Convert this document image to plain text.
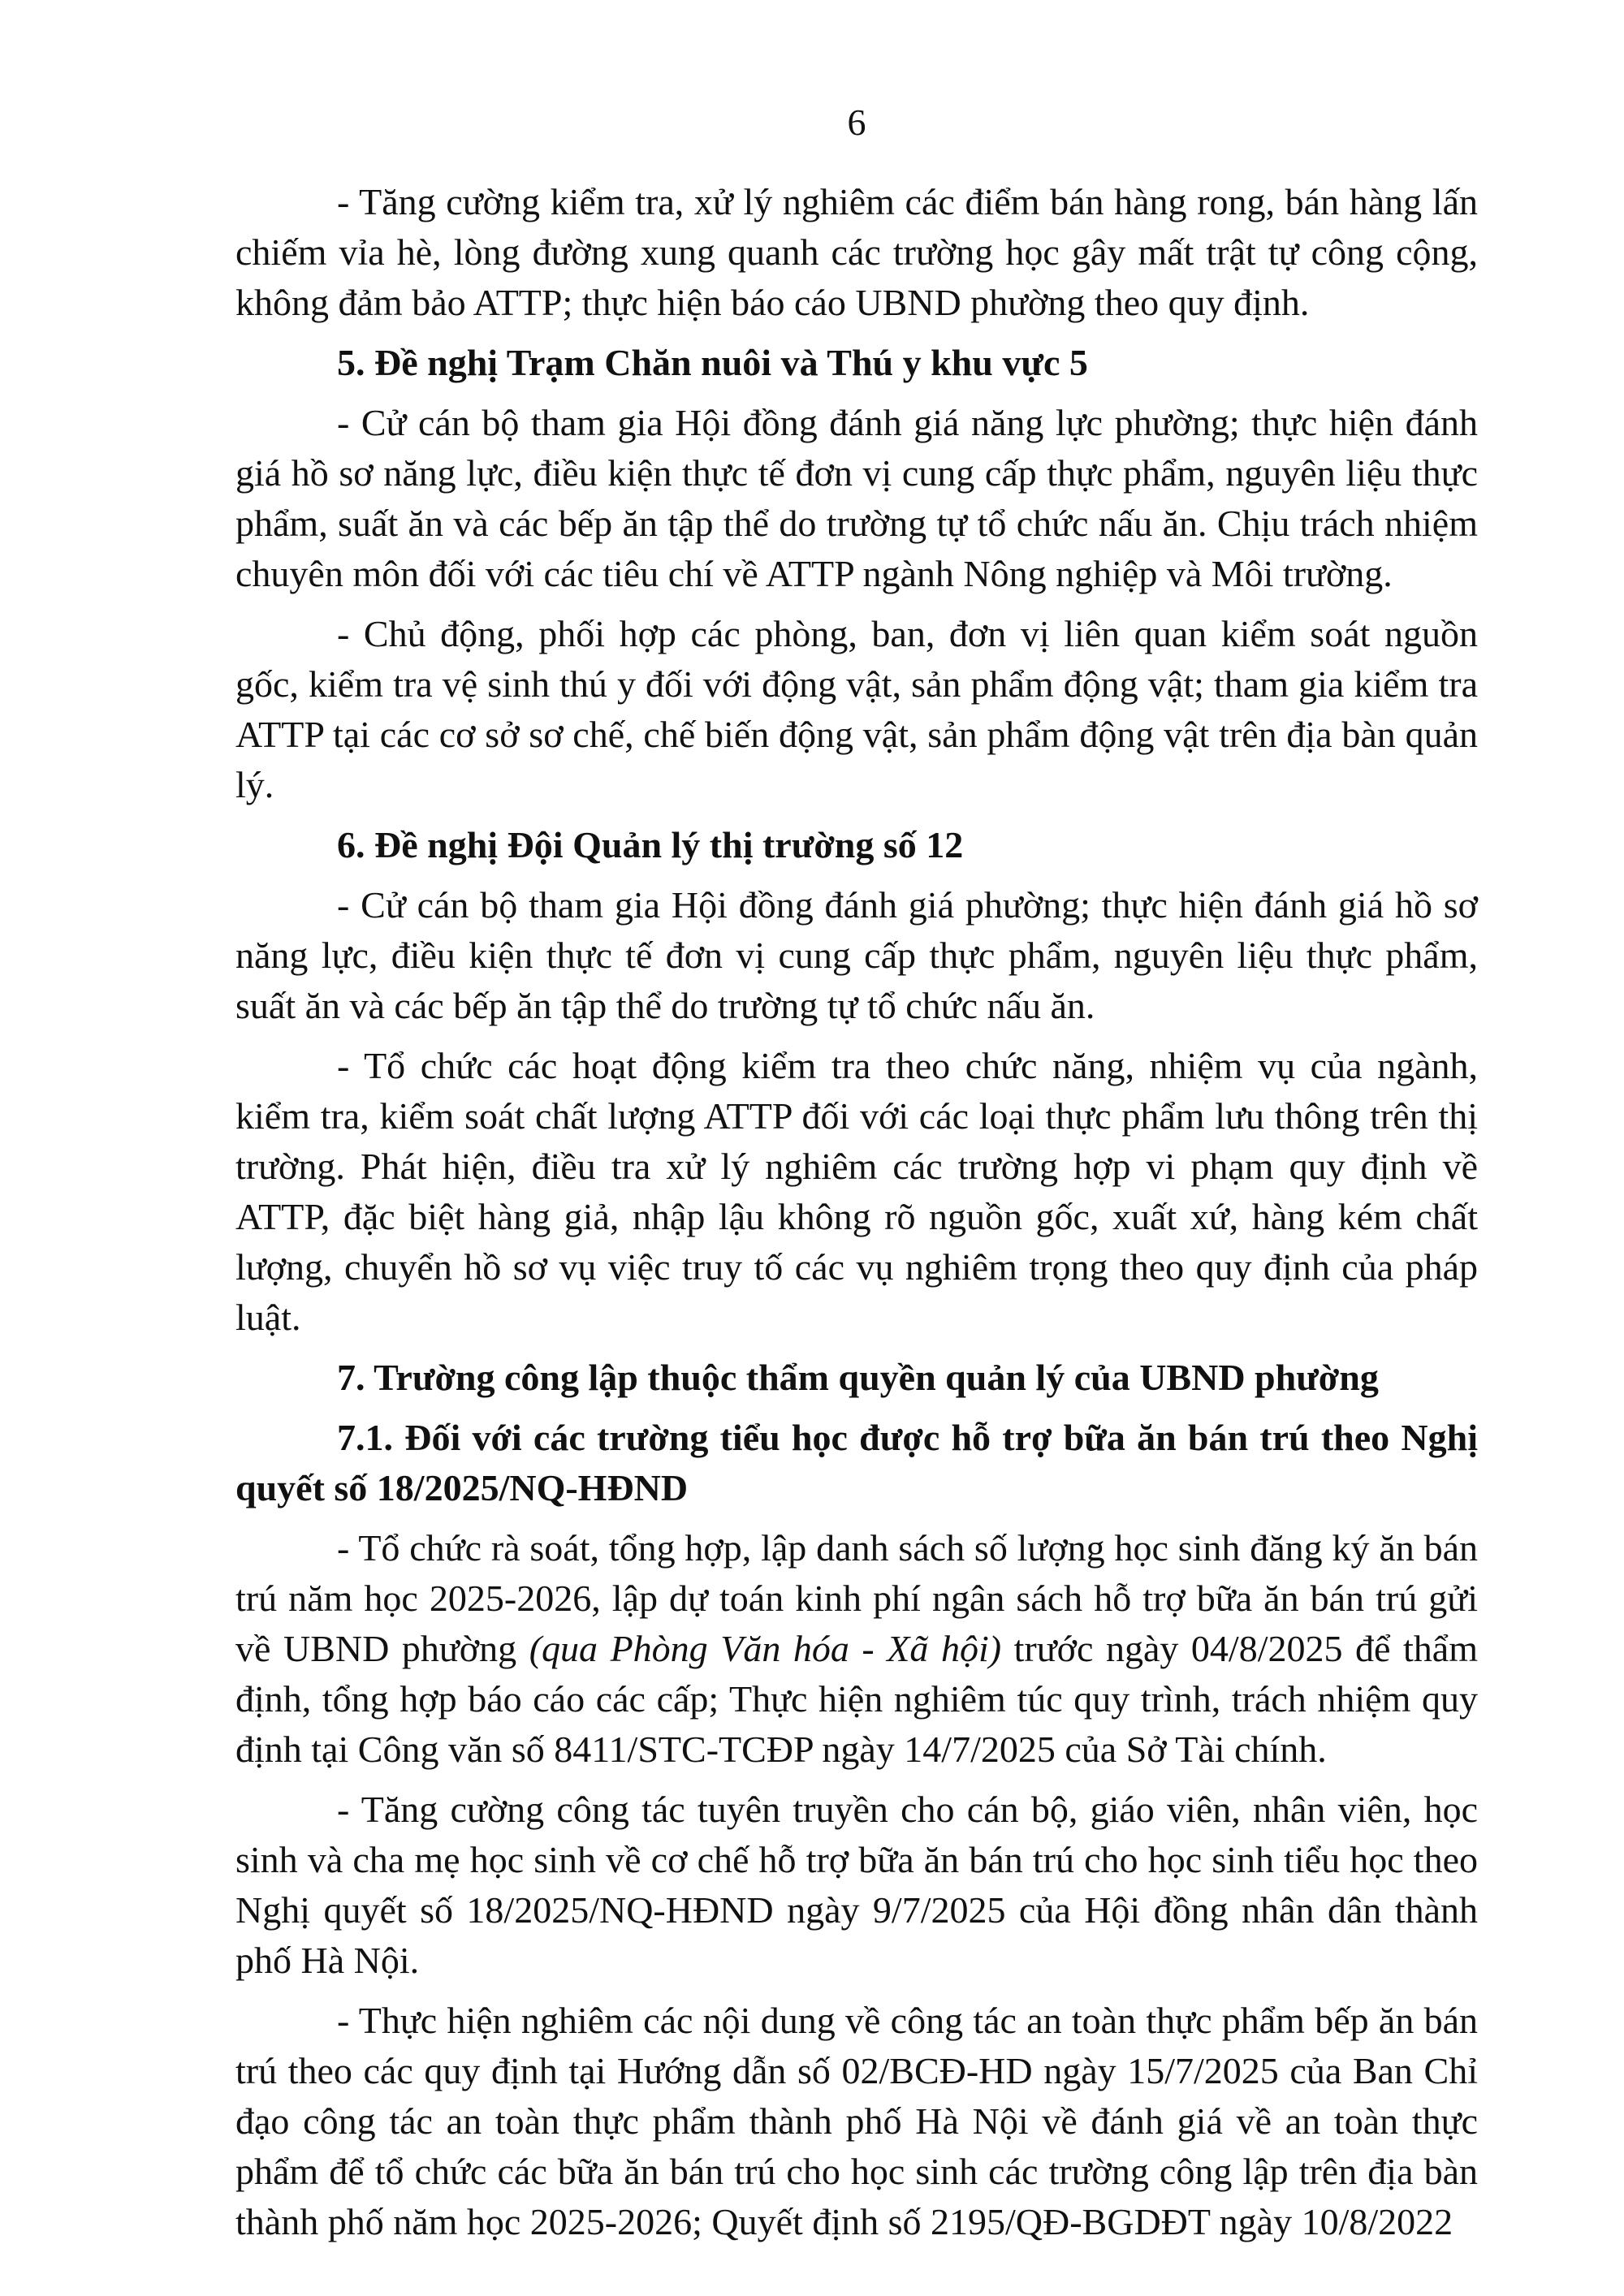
6

- Tăng cường kiểm tra, xử lý nghiêm các điểm bán hàng rong, bán hàng lấn chiếm vỉa hè, lòng đường xung quanh các trường học gây mất trật tự công cộng, không đảm bảo ATTP; thực hiện báo cáo UBND phường theo quy định.

5. Đề nghị Trạm Chăn nuôi và Thú y khu vực 5

- Cử cán bộ tham gia Hội đồng đánh giá năng lực phường; thực hiện đánh giá hồ sơ năng lực, điều kiện thực tế đơn vị cung cấp thực phẩm, nguyên liệu thực phẩm, suất ăn và các bếp ăn tập thể do trường tự tổ chức nấu ăn. Chịu trách nhiệm chuyên môn đối với các tiêu chí về ATTP ngành Nông nghiệp và Môi trường.

- Chủ động, phối hợp các phòng, ban, đơn vị liên quan kiểm soát nguồn gốc, kiểm tra vệ sinh thú y đối với động vật, sản phẩm động vật; tham gia kiểm tra ATTP tại các cơ sở sơ chế, chế biến động vật, sản phẩm động vật trên địa bàn quản lý.

6. Đề nghị Đội Quản lý thị trường số 12

- Cử cán bộ tham gia Hội đồng đánh giá phường; thực hiện đánh giá hồ sơ năng lực, điều kiện thực tế đơn vị cung cấp thực phẩm, nguyên liệu thực phẩm, suất ăn và các bếp ăn tập thể do trường tự tổ chức nấu ăn.

- Tổ chức các hoạt động kiểm tra theo chức năng, nhiệm vụ của ngành, kiểm tra, kiểm soát chất lượng ATTP đối với các loại thực phẩm lưu thông trên thị trường. Phát hiện, điều tra xử lý nghiêm các trường hợp vi phạm quy định về ATTP, đặc biệt hàng giả, nhập lậu không rõ nguồn gốc, xuất xứ, hàng kém chất lượng, chuyển hồ sơ vụ việc truy tố các vụ nghiêm trọng theo quy định của pháp luật.

7. Trường công lập thuộc thẩm quyền quản lý của UBND phường

7.1. Đối với các trường tiểu học được hỗ trợ bữa ăn bán trú theo Nghị quyết số 18/2025/NQ-HĐND

- Tổ chức rà soát, tổng hợp, lập danh sách số lượng học sinh đăng ký ăn bán trú năm học 2025-2026, lập dự toán kinh phí ngân sách hỗ trợ bữa ăn bán trú gửi về UBND phường (qua Phòng Văn hóa - Xã hội) trước ngày 04/8/2025 để thẩm định, tổng hợp báo cáo các cấp; Thực hiện nghiêm túc quy trình, trách nhiệm quy định tại Công văn số 8411/STC-TCĐP ngày 14/7/2025 của Sở Tài chính.

- Tăng cường công tác tuyên truyền cho cán bộ, giáo viên, nhân viên, học sinh và cha mẹ học sinh về cơ chế hỗ trợ bữa ăn bán trú cho học sinh tiểu học theo Nghị quyết số 18/2025/NQ-HĐND ngày 9/7/2025 của Hội đồng nhân dân thành phố Hà Nội.

- Thực hiện nghiêm các nội dung về công tác an toàn thực phẩm bếp ăn bán trú theo các quy định tại Hướng dẫn số 02/BCĐ-HD ngày 15/7/2025 của Ban Chỉ đạo công tác an toàn thực phẩm thành phố Hà Nội về đánh giá về an toàn thực phẩm để tổ chức các bữa ăn bán trú cho học sinh các trường công lập trên địa bàn thành phố năm học 2025-2026; Quyết định số 2195/QĐ-BGDĐT ngày 10/8/2022
